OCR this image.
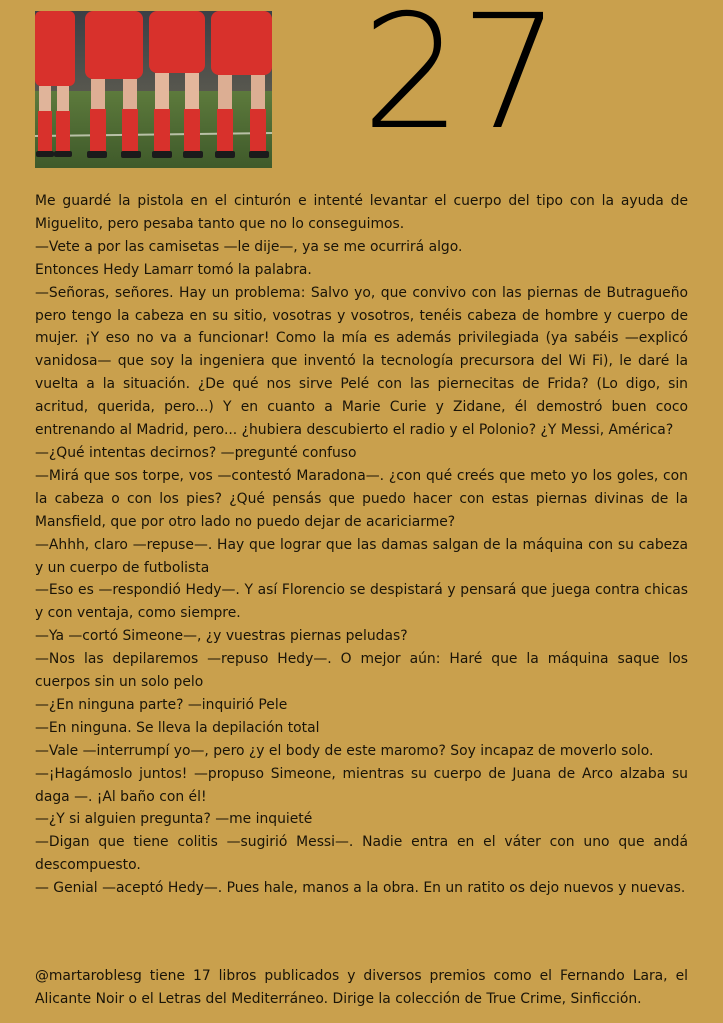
27

Me guardé la pistola en el cinturón e intenté levantar el cuerpo del tipo con la ayuda de Miguelito, pero pesaba tanto que no lo conseguimos.

—Vete a por las camisetas —le dije—, ya se me ocurrirá algo.

Entonces Hedy Lamarr tomó la palabra.

—Señoras, señores. Hay un problema: Salvo yo, que convivo con las piernas de Butragueño pero tengo la cabeza en su sitio, vosotras y vosotros, tenéis cabeza de hombre y cuerpo de mujer. ¡Y eso no va a funcionar! Como la mía es además privilegiada (ya sabéis —explicó vanidosa— que soy la ingeniera que inventó la tecnología precursora del Wi Fi), le daré la vuelta a la situación. ¿De qué nos sirve Pelé con las piernecitas de Frida? (Lo digo, sin acritud, querida, pero...) Y en cuanto a Marie Curie y Zidane, él demostró buen coco entrenando al Madrid, pero... ¿hubiera descubierto el radio y el Polonio? ¿Y Messi, América?

—¿Qué intentas decirnos? —pregunté confuso

—Mirá que sos torpe, vos —contestó Maradona—. ¿con qué creés que meto yo los goles, con la cabeza o con los pies? ¿Qué pensás que puedo hacer con estas piernas divinas de la Mansfield, que por otro lado no puedo dejar de acariciarme?

—Ahhh, claro —repuse—. Hay que lograr que las damas salgan de la máquina con su cabeza y un cuerpo de futbolista

—Eso es —respondió Hedy—. Y así Florencio se despistará y pensará que juega contra chicas y con ventaja, como siempre.

—Ya —cortó Simeone—, ¿y vuestras piernas peludas?

—Nos las depilaremos —repuso Hedy—. O mejor aún: Haré que la máquina saque los cuerpos sin un solo pelo

—¿En ninguna parte? —inquirió Pele

—En ninguna. Se lleva la depilación total

—Vale —interrumpí yo—, pero ¿y el body de este maromo? Soy incapaz de moverlo solo.

—¡Hagámoslo juntos! —propuso Simeone, mientras su cuerpo de Juana de Arco alzaba su daga —. ¡Al baño con él!

—¿Y si alguien pregunta? —me inquieté

—Digan que tiene colitis —sugirió Messi—. Nadie entra en el váter con uno que andá descompuesto.

— Genial —aceptó Hedy—. Pues hale, manos a la obra. En un ratito os dejo nuevos y nuevas.

@martaroblesg tiene 17 libros publicados y diversos premios como el Fernando Lara, el Alicante Noir o el Letras del Mediterráneo. Dirige la colección de True Crime, Sinficción.
